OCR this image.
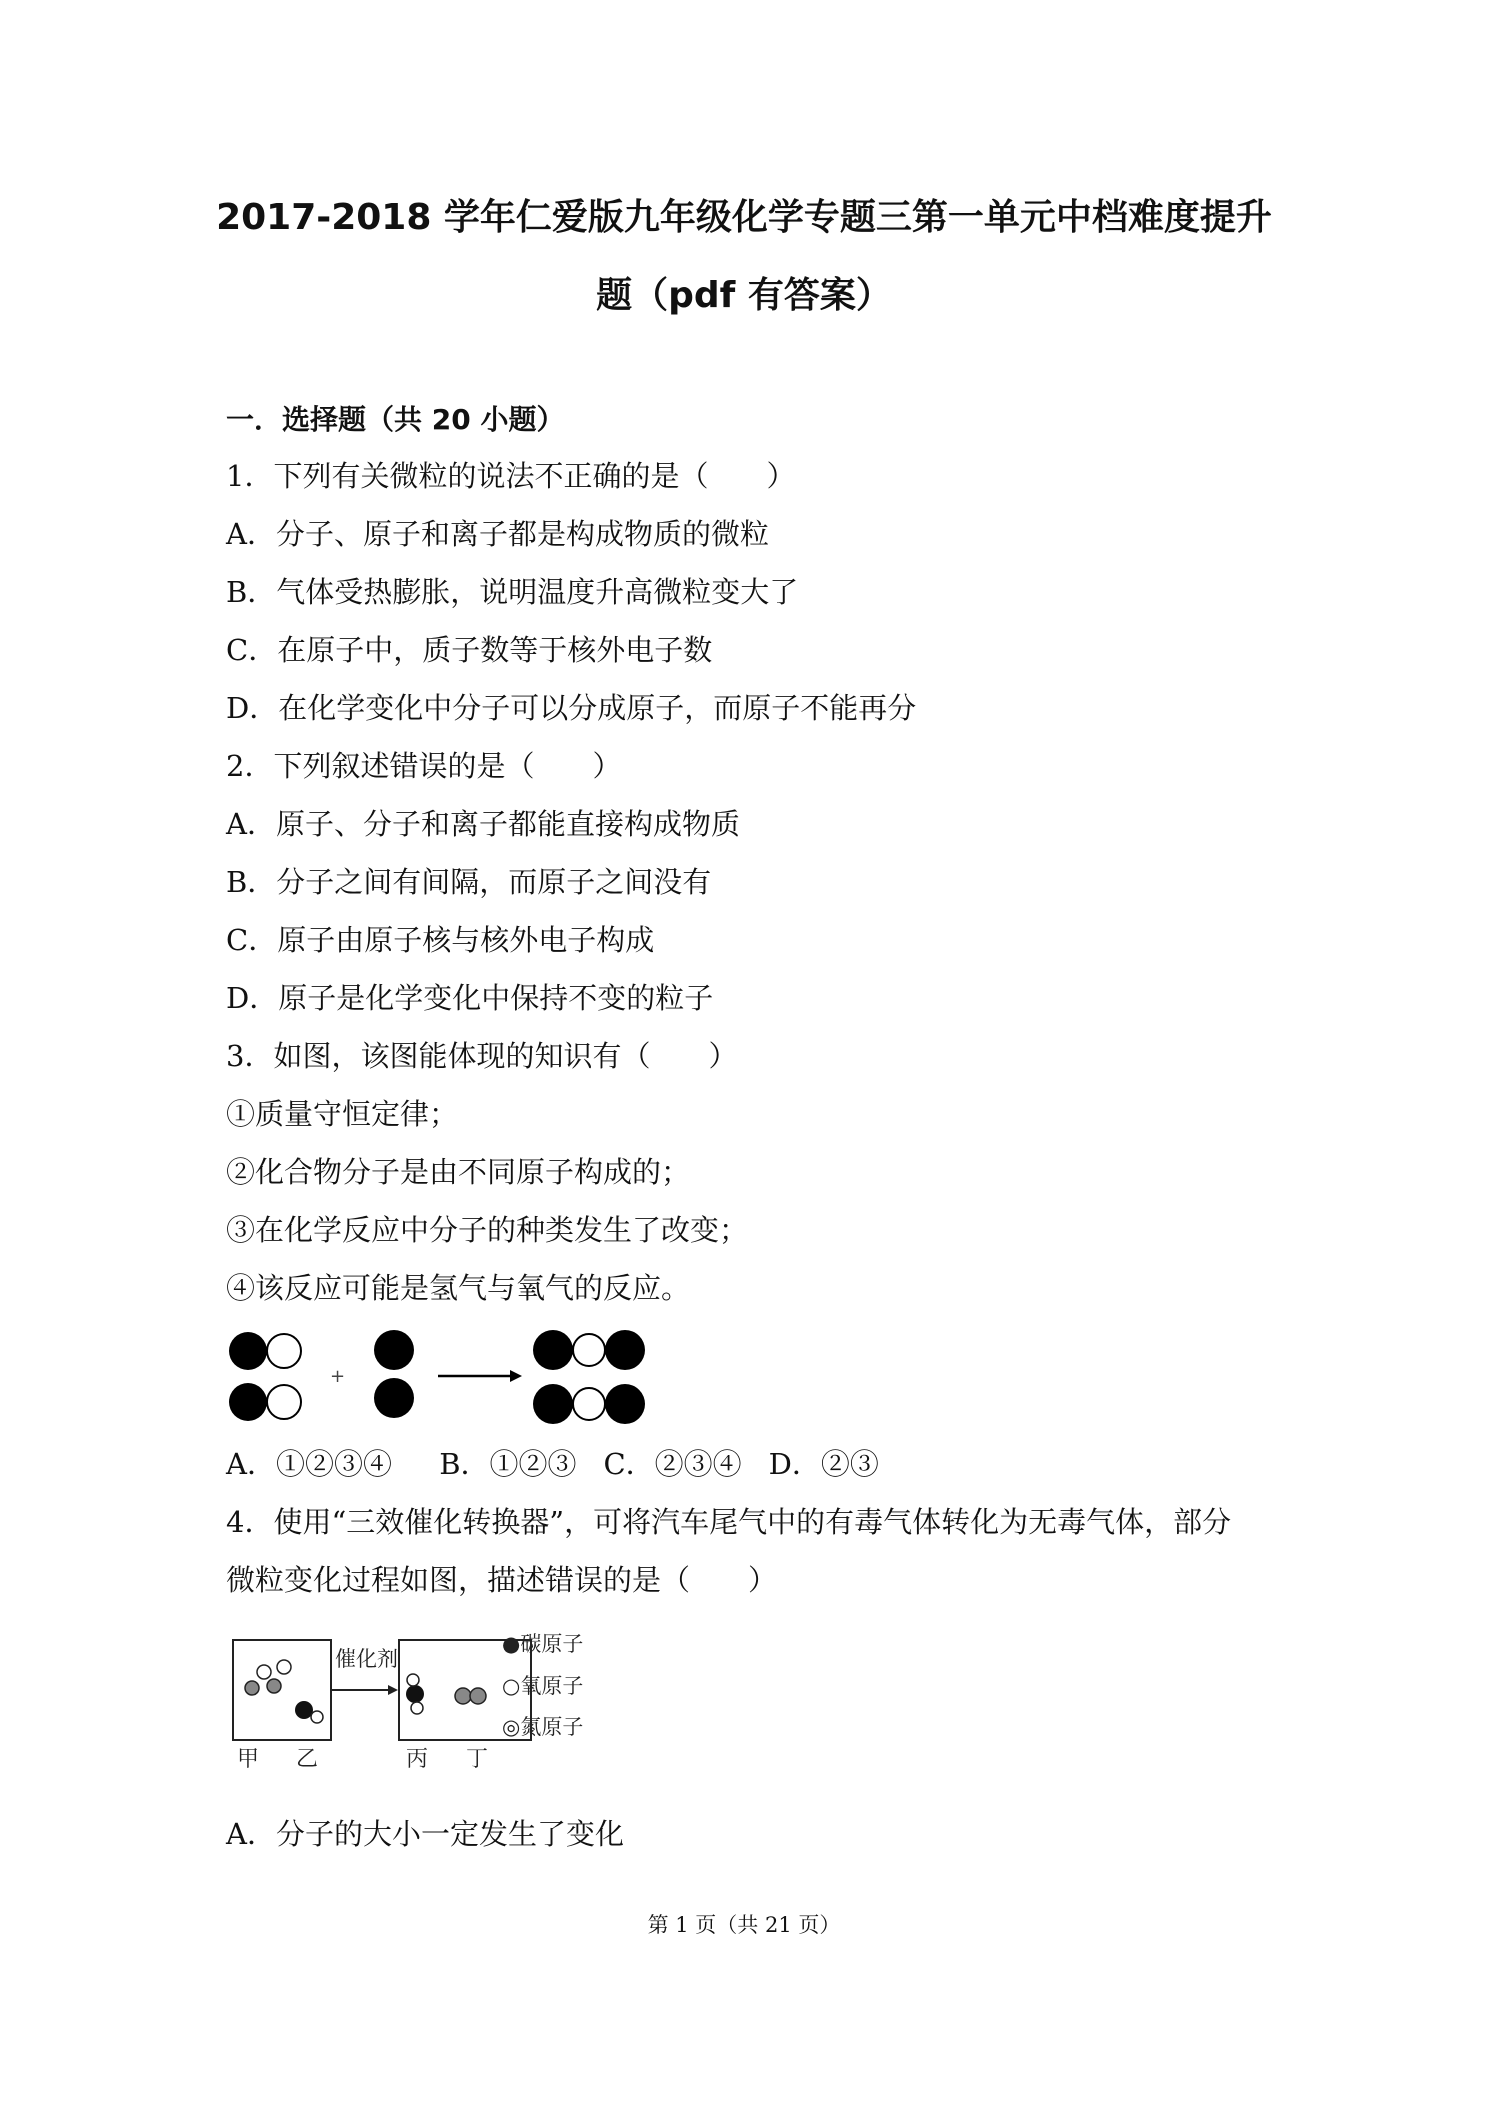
2017-2018 学年仁爱版九年级化学专题三第一单元中档难度提升
题（pdf 有答案）
一．选择题（共 20 小题）
1．下列有关微粒的说法不正确的是（　　）
A．分子、原子和离子都是构成物质的微粒
B．气体受热膨胀，说明温度升高微粒变大了
C．在原子中，质子数等于核外电子数
D．在化学变化中分子可以分成原子，而原子不能再分
2．下列叙述错误的是（　　）
A．原子、分子和离子都能直接构成物质
B．分子之间有间隔，而原子之间没有
C．原子由原子核与核外电子构成
D．原子是化学变化中保持不变的粒子
3．如图，该图能体现的知识有（　　）
①质量守恒定律；
②化合物分子是由不同原子构成的；
③在化学反应中分子的种类发生了改变；
④该反应可能是氢气与氧气的反应。
+
A．①②③④ B．①②③ C．②③④ D．②③
4．使用“三效催化转换器”，可将汽车尾气中的有毒气体转化为无毒气体，部分
微粒变化过程如图，描述错误的是（　　）
催化剂
甲 乙	丙 丁
●碳原子
○氧原子
◎氮原子
A．分子的大小一定发生了变化
第 1 页（共 21 页）
